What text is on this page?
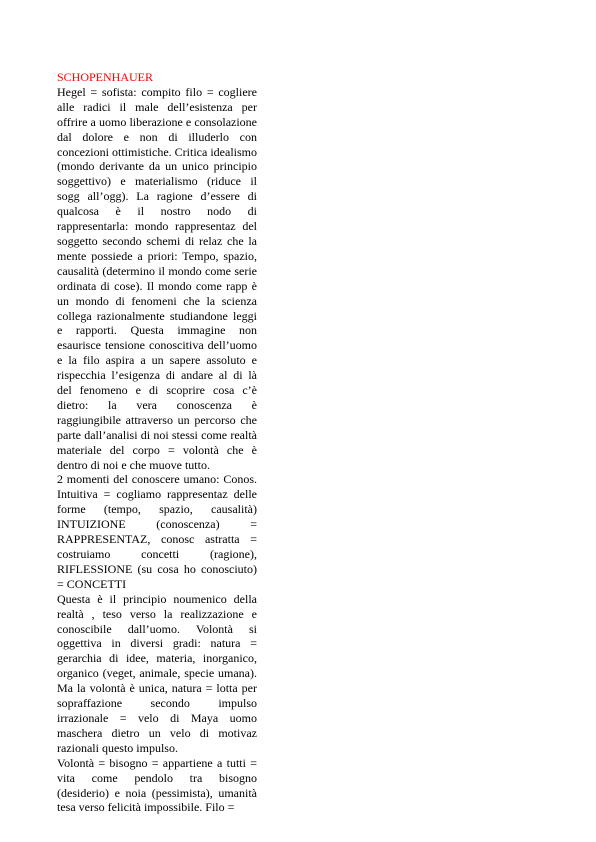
SCHOPENHAUER

Hegel = sofista: compito filo = cogliere alle radici il male dell’esistenza per offrire a uomo liberazione e consolazione dal dolore e non di illuderlo con concezioni ottimistiche. Critica idealismo (mondo derivante da un unico principio soggettivo) e materialismo (riduce il sogg all’ogg). La ragione d’essere di qualcosa è il nostro nodo di rappresentarla: mondo rappresentaz del soggetto secondo schemi di relaz che la mente possiede a priori: Tempo, spazio, causalità (determino il mondo come serie ordinata di cose). Il mondo come rapp è un mondo di fenomeni che la scienza collega razionalmente studiandone leggi e rapporti. Questa immagine non esaurisce tensione conoscitiva dell’uomo e la filo aspira a un sapere assoluto e rispecchia l’esigenza di andare al di là del fenomeno e di scoprire cosa c’è dietro: la vera conoscenza è raggiungibile attraverso un percorso che parte dall’analisi di noi stessi come realtà materiale del corpo = volontà che è dentro di noi e che muove tutto.

2 momenti del conoscere umano: Conos. Intuitiva = cogliamo rappresentaz delle forme (tempo, spazio, causalità) INTUIZIONE (conoscenza) = RAPPRESENTAZ, conosc astratta = costruiamo concetti (ragione), RIFLESSIONE (su cosa ho conosciuto) = CONCETTI

Questa è il principio noumenico della realtà , teso verso la realizzazione e conoscibile dall’uomo. Volontà si oggettiva in diversi gradi: natura = gerarchia di idee, materia, inorganico, organico (veget, animale, specie umana). Ma la volontà è unica, natura = lotta per sopraffazione secondo impulso irrazionale = velo di Maya uomo maschera dietro un velo di motivaz razionali questo impulso.

Volontà = bisogno = appartiene a tutti = vita come pendolo tra bisogno (desiderio) e noia (pessimista), umanità tesa verso felicità impossibile. Filo =
